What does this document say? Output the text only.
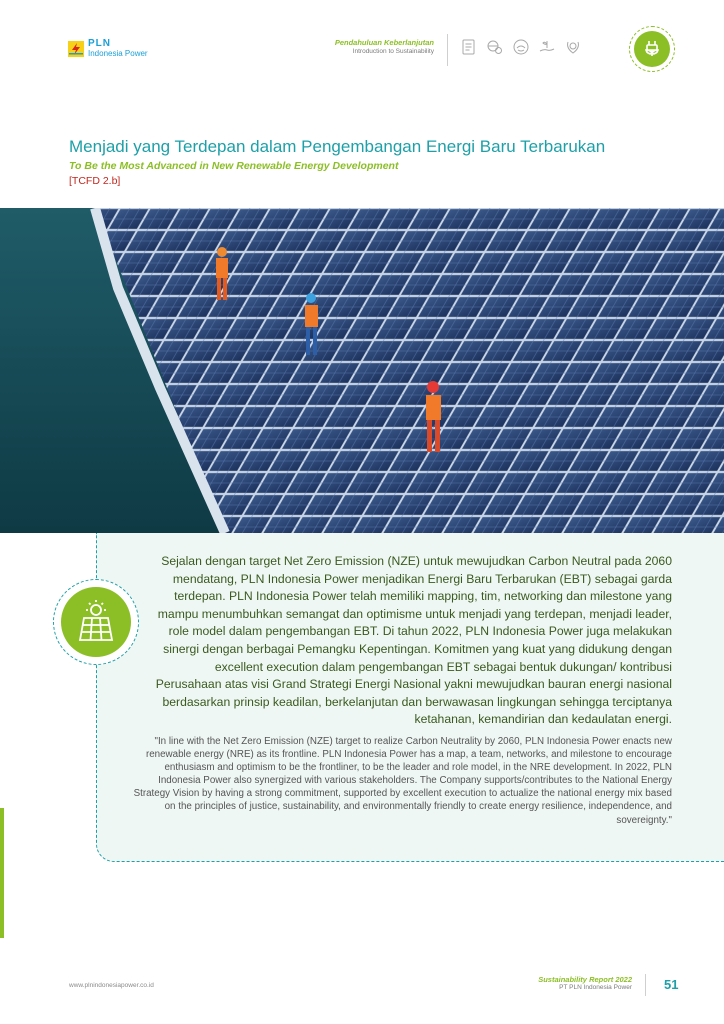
PLN
Indonesia Power
Pendahuluan Keberlanjutan
Introduction to Sustainability
Menjadi yang Terdepan dalam Pengembangan Energi Baru Terbarukan
To Be the Most Advanced in New Renewable Energy Development
[TCFD 2.b]

Sejalan dengan target Net Zero Emission (NZE) untuk mewujudkan Carbon Neutral pada 2060 mendatang, PLN Indonesia Power menjadikan Energi Baru Terbarukan (EBT) sebagai garda terdepan. PLN Indonesia Power telah memiliki mapping, tim, networking dan milestone yang mampu menumbuhkan semangat dan optimisme untuk menjadi yang terdepan, menjadi leader, role model dalam pengembangan EBT. Di tahun 2022, PLN Indonesia Power juga melakukan sinergi dengan berbagai Pemangku Kepentingan. Komitmen yang kuat yang didukung dengan excellent execution dalam pengembangan EBT sebagai bentuk dukungan/ kontribusi Perusahaan atas visi Grand Strategi Energi Nasional yakni mewujudkan bauran energi nasional berdasarkan prinsip keadilan, berkelanjutan dan berwawasan lingkungan sehingga terciptanya ketahanan, kemandirian dan kedaulatan energi.

"In line with the Net Zero Emission (NZE) target to realize Carbon Neutrality by 2060, PLN Indonesia Power enacts new renewable energy (NRE) as its frontline. PLN Indonesia Power has a map, a team, networks, and milestone to encourage enthusiasm and optimism to be the frontliner, to be the leader and role model, in the NRE development. In 2022, PLN Indonesia Power also synergized with various stakeholders. The Company supports/contributes to the National Energy Strategy Vision by having a strong commitment, supported by excellent execution to actualize the national energy mix based on the principles of justice, sustainability, and environmentally friendly to create energy resilience, independence, and sovereignty."

www.plnindonesiapower.co.id
Sustainability Report 2022
PT PLN Indonesia Power 51
